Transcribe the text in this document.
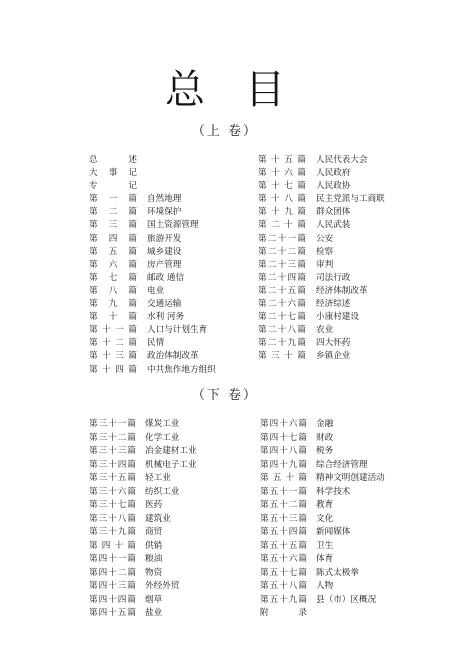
总目
（上 卷）
总述
大事记
专记
第一篇 自然地理
第二篇 环境保护
第三篇 国土资源管理
第四篇 旅游开发
第五篇 城乡建设
第六篇 房产管理
第七篇 邮政 通信
第八篇 电业
第九篇 交通运输
第十篇 水利 河务
第十一篇 人口与计划生育
第十二篇 民情
第十三篇 政治体制改革
第十四篇 中共焦作地方组织
第十五篇 人民代表大会
第十六篇 人民政府
第十七篇 人民政协
第十八篇 民主党派与工商联
第十九篇 群众团体
第二十篇 人民武装
第二十一篇 公安
第二十二篇 检察
第二十三篇 审判
第二十四篇 司法行政
第二十五篇 经济体制改革
第二十六篇 经济综述
第二十七篇 小康村建设
第二十八篇 农业
第二十九篇 四大怀药
第三十篇 乡镇企业
（下 卷）
第三十一篇 煤炭工业
第三十二篇 化学工业
第三十三篇 冶金建材工业
第三十四篇 机械电子工业
第三十五篇 轻工业
第三十六篇 纺织工业
第三十七篇 医药
第三十八篇 建筑业
第三十九篇 商贸
第四十篇 供销
第四十一篇 粮油
第四十二篇 物资
第四十三篇 外经外贸
第四十四篇 烟草
第四十五篇 盐业
第四十六篇 金融
第四十七篇 财政
第四十八篇 税务
第四十九篇 综合经济管理
第五十篇 精神文明创建活动
第五十一篇 科学技术
第五十二篇 教育
第五十三篇 文化
第五十四篇 新闻媒体
第五十五篇 卫生
第五十六篇 体育
第五十七篇 陈式太极拳
第五十八篇 人物
第五十九篇 县（市）区概况
附录
